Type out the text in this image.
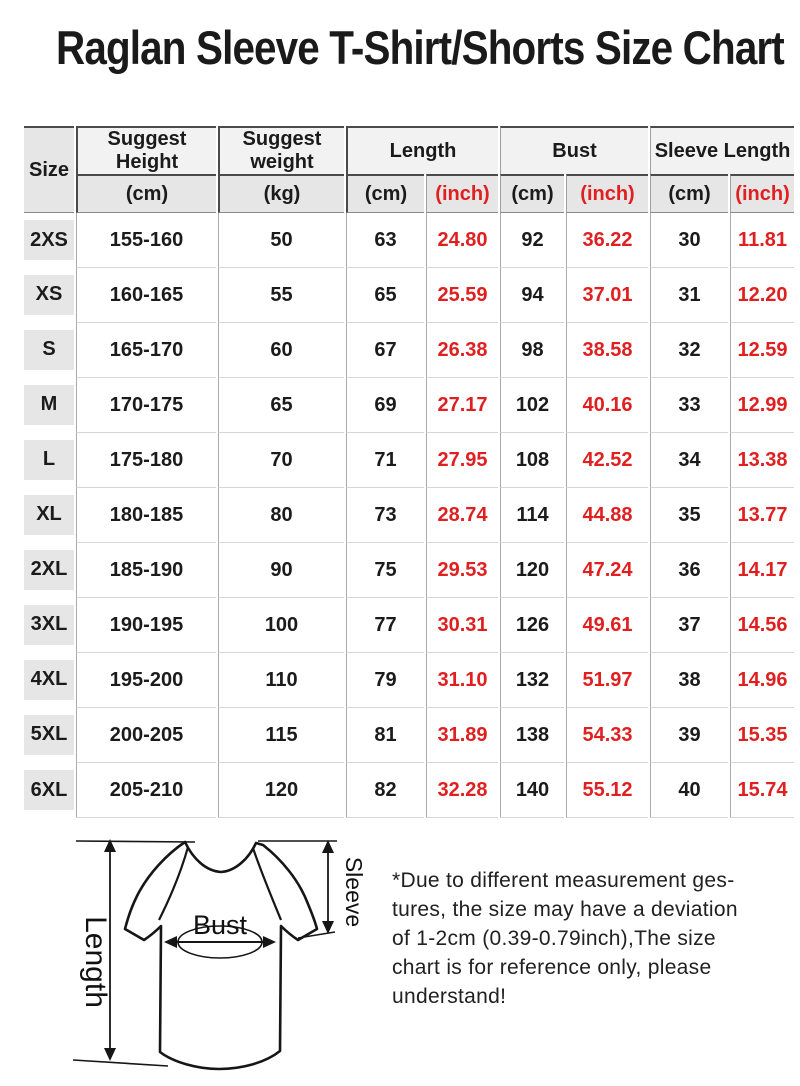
Raglan Sleeve T-Shirt/Shorts Size Chart
Size	Suggest Height	Suggest weight	Length		Bust		Sleeve Length	
	(cm)	(kg)	(cm)	(inch)	(cm)	(inch)	(cm)	(inch)

2XS	155-160	50	63	24.80	92	36.22	30	11.81

XS	160-165	55	65	25.59	94	37.01	31	12.20

S	165-170	60	67	26.38	98	38.58	32	12.59

M	170-175	65	69	27.17	102	40.16	33	12.99

L	175-180	70	71	27.95	108	42.52	34	13.38

XL	180-185	80	73	28.74	114	44.88	35	13.77

2XL	185-190	90	75	29.53	120	47.24	36	14.17

3XL	190-195	100	77	30.31	126	49.61	37	14.56

4XL	195-200	110	79	31.10	132	51.97	38	14.96

5XL	200-205	115	81	31.89	138	54.33	39	15.35

6XL	205-210	120	82	32.28	140	55.12	40	15.74
Length	Bust	Sleeve *Due to different measurement ges-
tures, the size may have a deviation
of 1-2cm (0.39-0.79inch),The size
chart is for reference only, please
understand!
